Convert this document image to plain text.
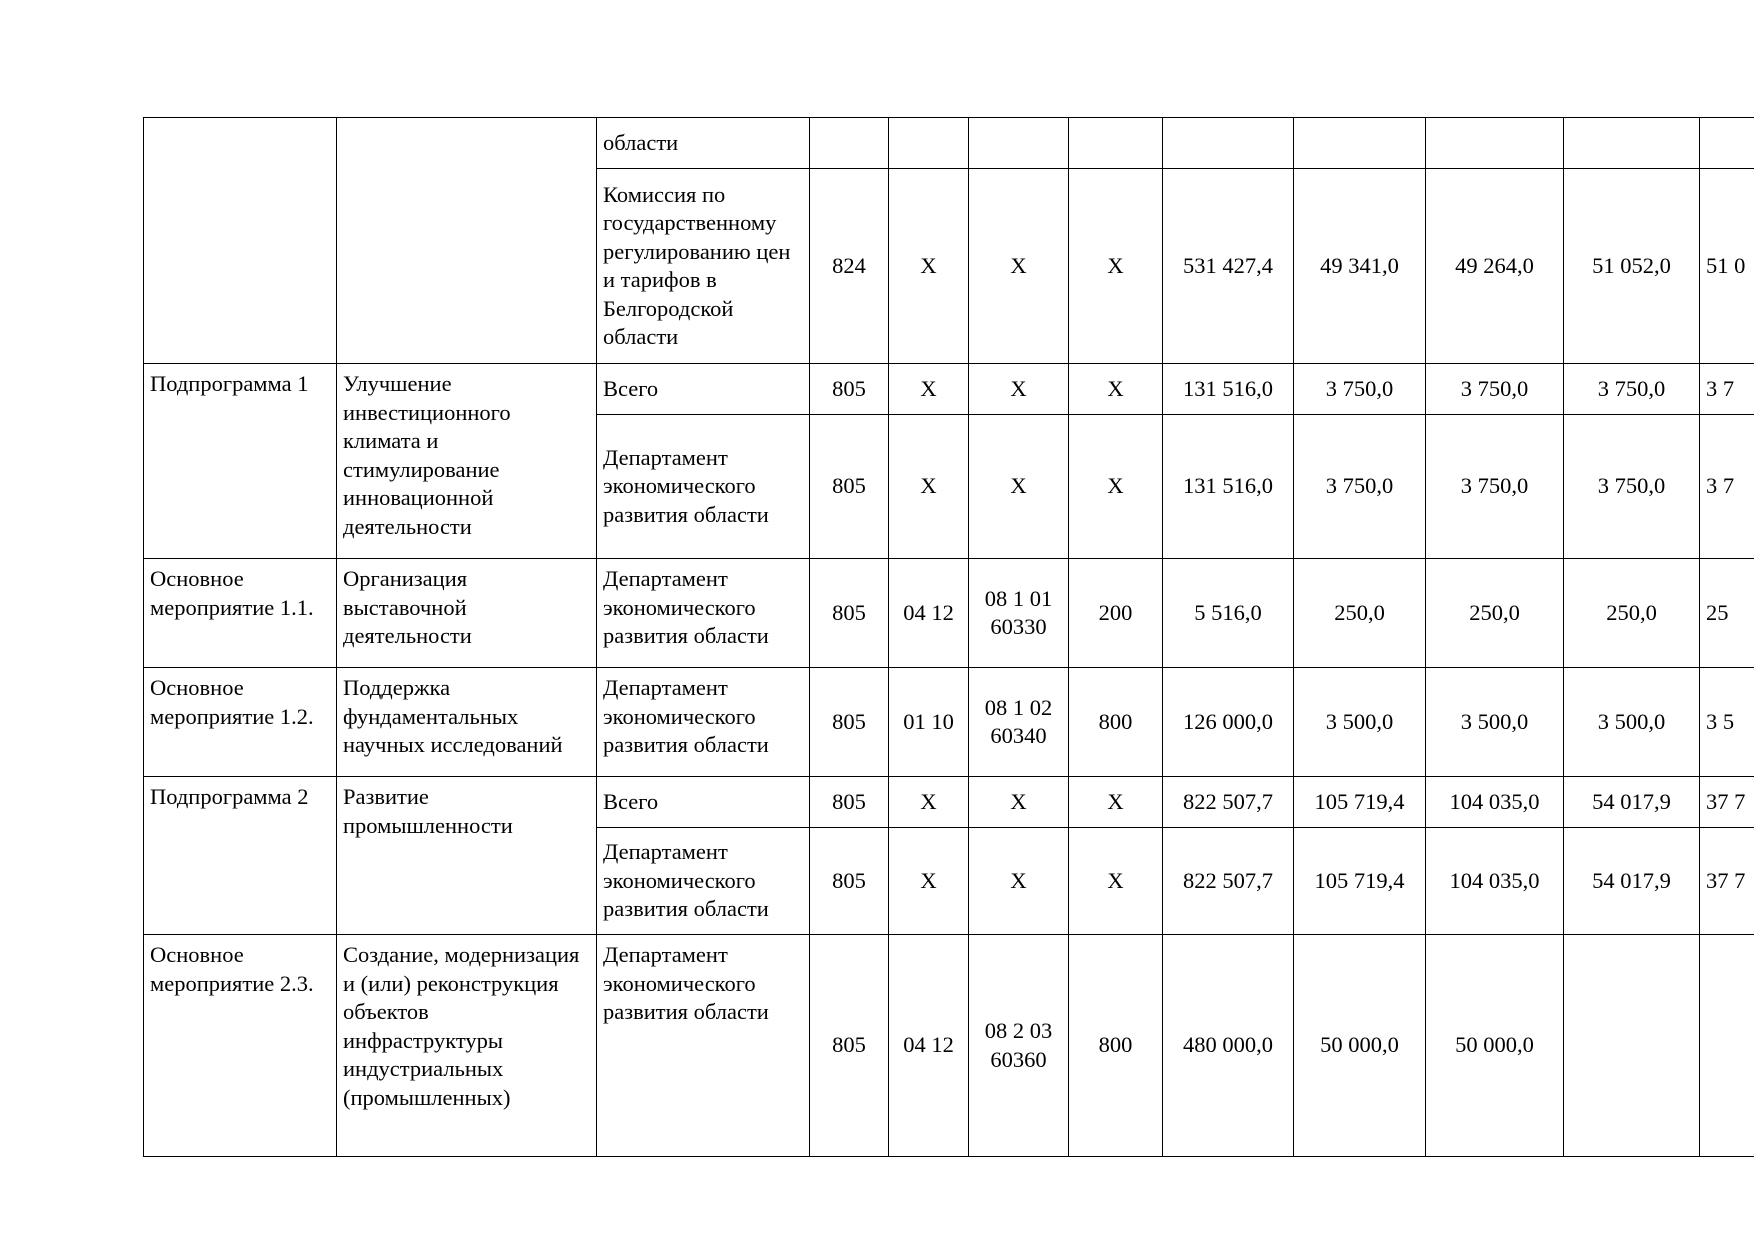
		области									
		Комиссия по государственному регулированию цен и тарифов в Белгородской области	824	Х	Х	Х	531 427,4	49 341,0	49 264,0	51 052,0	51 0
Подпрограмма 1	Улучшение инвестиционного климата и стимулирование инновационной деятельности	Всего	805	Х	Х	Х	131 516,0	3 750,0	3 750,0	3 750,0	3 7
		Департамент экономического развития области	805	Х	Х	Х	131 516,0	3 750,0	3 750,0	3 750,0	3 7
Основное мероприятие 1.1.	Организация выставочной деятельности	Департамент экономического развития области	805	04 12	08 1 01 60330	200	5 516,0	250,0	250,0	250,0	25
Основное мероприятие 1.2.	Поддержка фундаментальных научных исследований	Департамент экономического развития области	805	01 10	08 1 02 60340	800	126 000,0	3 500,0	3 500,0	3 500,0	3 5
Подпрограмма 2	Развитие промышленности	Всего	805	Х	Х	Х	822 507,7	105 719,4	104 035,0	54 017,9	37 7
		Департамент экономического развития области	805	Х	Х	Х	822 507,7	105 719,4	104 035,0	54 017,9	37 7
Основное мероприятие 2.3.	Создание, модернизация и (или) реконструкция объектов инфраструктуры индустриальных (промышленных)	Департамент экономического развития области	805	04 12	08 2 03 60360	800	480 000,0	50 000,0	50 000,0		
